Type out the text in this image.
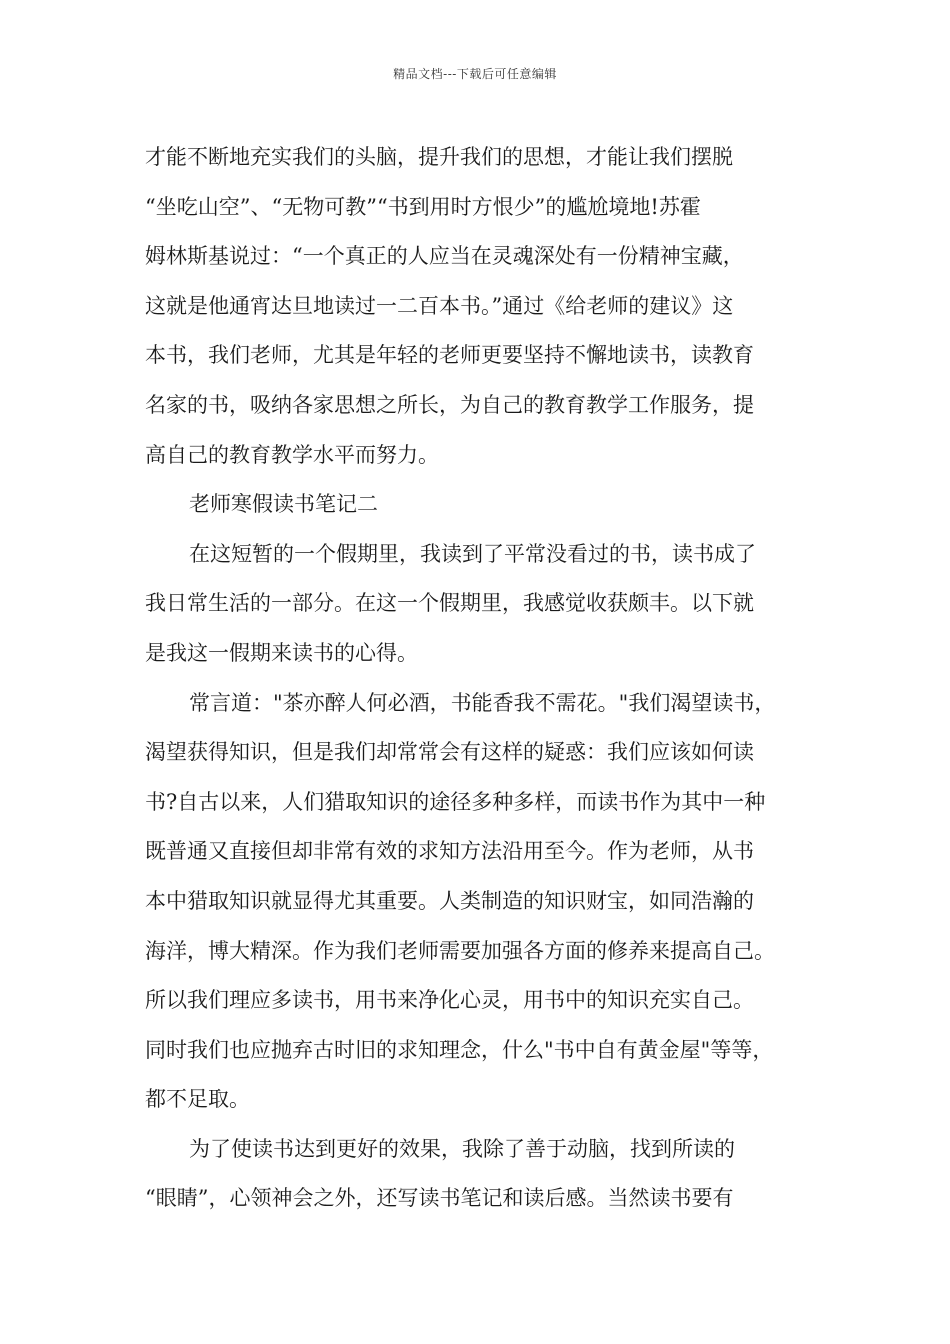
精品文档---下载后可任意编辑
才能不断地充实我们的头脑，提升我们的思想，才能让我们摆脱
“坐吃山空”、“无物可教”“书到用时方恨少”的尴尬境地!苏霍
姆林斯基说过：“一个真正的人应当在灵魂深处有一份精神宝藏，
这就是他通宵达旦地读过一二百本书。”通过《给老师的建议》这
本书，我们老师，尤其是年轻的老师更要坚持不懈地读书，读教育
名家的书，吸纳各家思想之所长，为自己的教育教学工作服务，提
高自己的教育教学水平而努力。
老师寒假读书笔记二
在这短暂的一个假期里，我读到了平常没看过的书，读书成了
我日常生活的一部分。在这一个假期里，我感觉收获颇丰。以下就
是我这一假期来读书的心得。
常言道："茶亦醉人何必酒，书能香我不需花。"我们渴望读书，
渴望获得知识，但是我们却常常会有这样的疑惑：我们应该如何读
书?自古以来，人们猎取知识的途径多种多样，而读书作为其中一种
既普通又直接但却非常有效的求知方法沿用至今。作为老师，从书
本中猎取知识就显得尤其重要。人类制造的知识财宝，如同浩瀚的
海洋，博大精深。作为我们老师需要加强各方面的修养来提高自己。
所以我们理应多读书，用书来净化心灵，用书中的知识充实自己。
同时我们也应抛弃古时旧的求知理念，什么"书中自有黄金屋"等等，
都不足取。
为了使读书达到更好的效果，我除了善于动脑，找到所读的
“眼睛”，心领神会之外，还写读书笔记和读后感。当然读书要有
